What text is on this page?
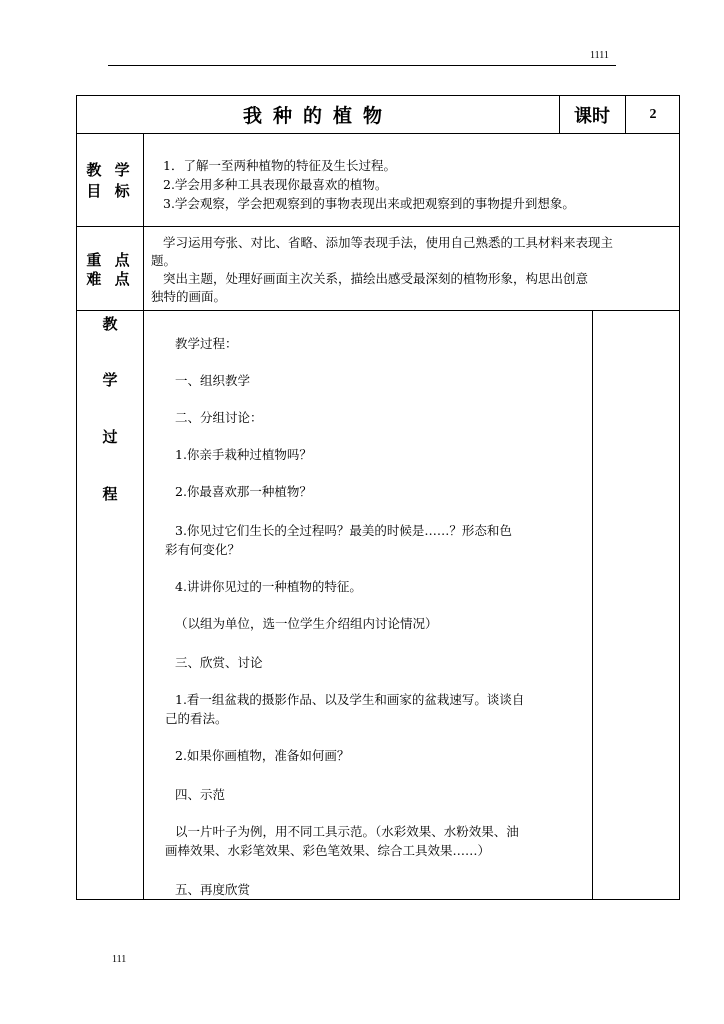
1111
我种的植物	课时	2
教 学
目 标
1．了解一至两种植物的特征及生长过程。
2.学会用多种工具表现你最喜欢的植物。
3.学会观察，学会把观察到的事物表现出来或把观察到的事物提升到想象。
重 点
难 点
学习运用夸张、对比、省略、添加等表现手法，使用自己熟悉的工具材料来表现主
题。
突出主题，处理好画面主次关系，描绘出感受最深刻的植物形象，构思出创意
独特的画面。
教
学
过
程
教学过程：
一、组织教学
二、分组讨论：
1.你亲手栽种过植物吗？
2.你最喜欢那一种植物？
3.你见过它们生长的全过程吗？最美的时候是……？形态和色
彩有何变化？
4.讲讲你见过的一种植物的特征。
（以组为单位，选一位学生介绍组内讨论情况）
三、欣赏、讨论
1.看一组盆栽的摄影作品、以及学生和画家的盆栽速写。谈谈自
己的看法。
2.如果你画植物，准备如何画？
四、示范
以一片叶子为例，用不同工具示范。（水彩效果、水粉效果、油
画棒效果、水彩笔效果、彩色笔效果、综合工具效果……）
五、再度欣赏
111
